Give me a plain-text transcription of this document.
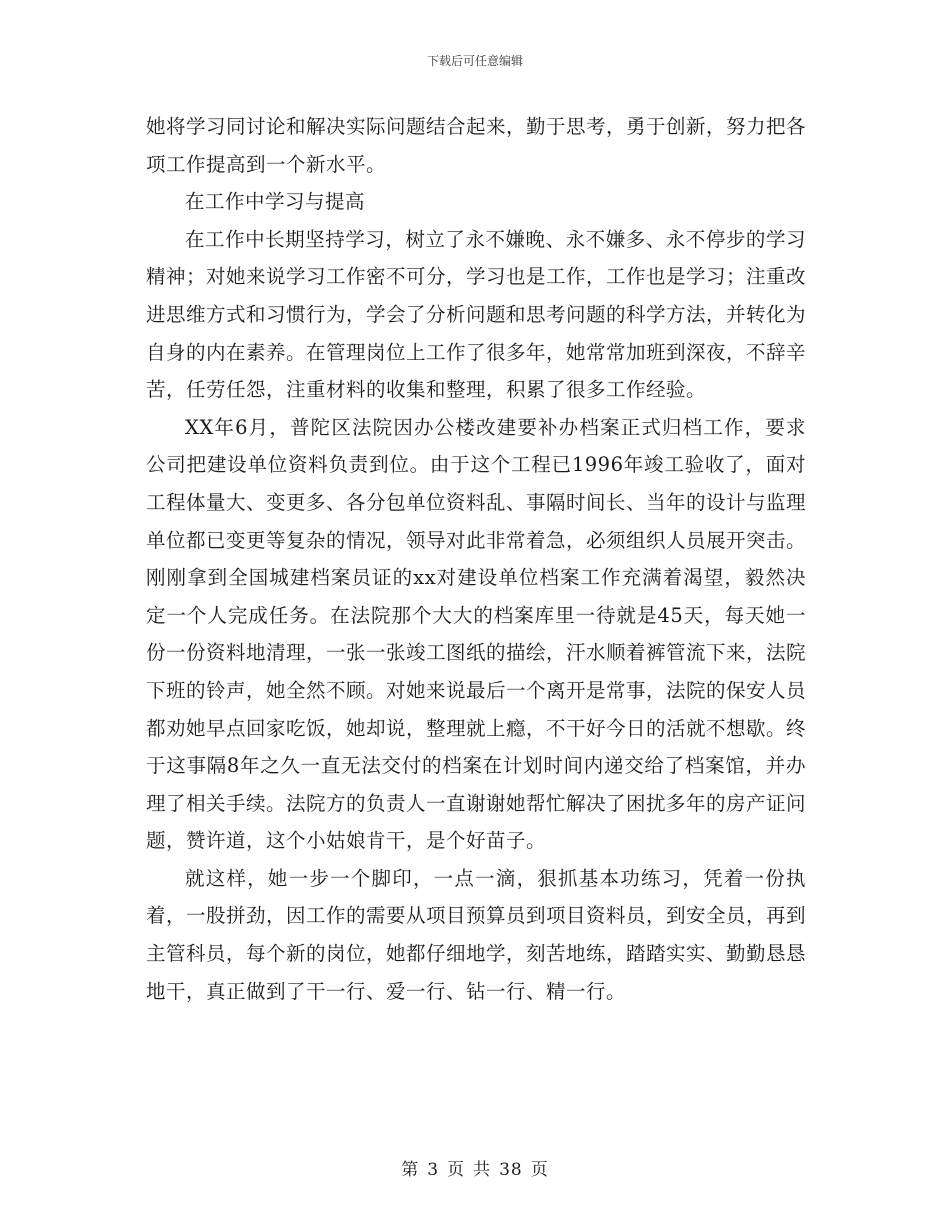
下载后可任意编辑

她将学习同讨论和解决实际问题结合起来，勤于思考，勇于创新，努力把各项工作提高到一个新水平。

在工作中学习与提高

在工作中长期坚持学习，树立了永不嫌晚、永不嫌多、永不停步的学习精神；对她来说学习工作密不可分，学习也是工作，工作也是学习；注重改进思维方式和习惯行为，学会了分析问题和思考问题的科学方法，并转化为自身的内在素养。在管理岗位上工作了很多年，她常常加班到深夜，不辞辛苦，任劳任怨，注重材料的收集和整理，积累了很多工作经验。

XX年6月，普陀区法院因办公楼改建要补办档案正式归档工作，要求公司把建设单位资料负责到位。由于这个工程已1996年竣工验收了，面对工程体量大、变更多、各分包单位资料乱、事隔时间长、当年的设计与监理单位都已变更等复杂的情况，领导对此非常着急，必须组织人员展开突击。刚刚拿到全国城建档案员证的xx对建设单位档案工作充满着渴望，毅然决定一个人完成任务。在法院那个大大的档案库里一待就是45天，每天她一份一份资料地清理，一张一张竣工图纸的描绘，汗水顺着裤管流下来，法院下班的铃声，她全然不顾。对她来说最后一个离开是常事，法院的保安人员都劝她早点回家吃饭，她却说，整理就上瘾，不干好今日的活就不想歇。终于这事隔8年之久一直无法交付的档案在计划时间内递交给了档案馆，并办理了相关手续。法院方的负责人一直谢谢她帮忙解决了困扰多年的房产证问题，赞许道，这个小姑娘肯干，是个好苗子。

就这样，她一步一个脚印，一点一滴，狠抓基本功练习，凭着一份执着，一股拼劲，因工作的需要从项目预算员到项目资料员，到安全员，再到主管科员，每个新的岗位，她都仔细地学，刻苦地练，踏踏实实、勤勤恳恳地干，真正做到了干一行、爱一行、钻一行、精一行。

第 3 页 共 38 页
